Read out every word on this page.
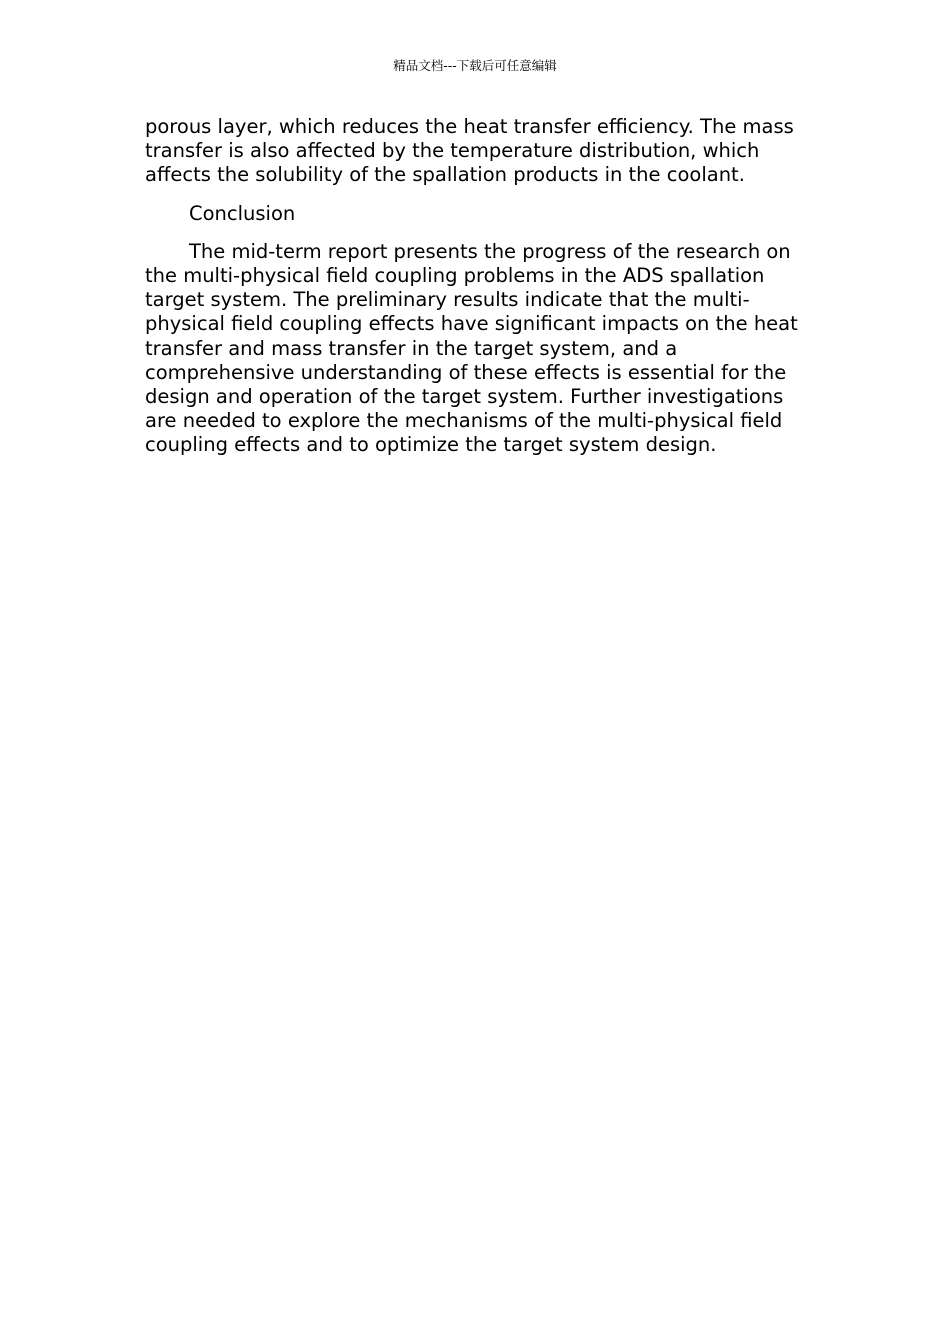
精品文档---下载后可任意编辑

porous layer, which reduces the heat transfer efficiency. The mass transfer is also affected by the temperature distribution, which affects the solubility of the spallation products in the coolant.

Conclusion

The mid-term report presents the progress of the research on the multi-physical field coupling problems in the ADS spallation target system. The preliminary results indicate that the multi-physical field coupling effects have significant impacts on the heat transfer and mass transfer in the target system, and a comprehensive understanding of these effects is essential for the design and operation of the target system. Further investigations are needed to explore the mechanisms of the multi-physical field coupling effects and to optimize the target system design.
